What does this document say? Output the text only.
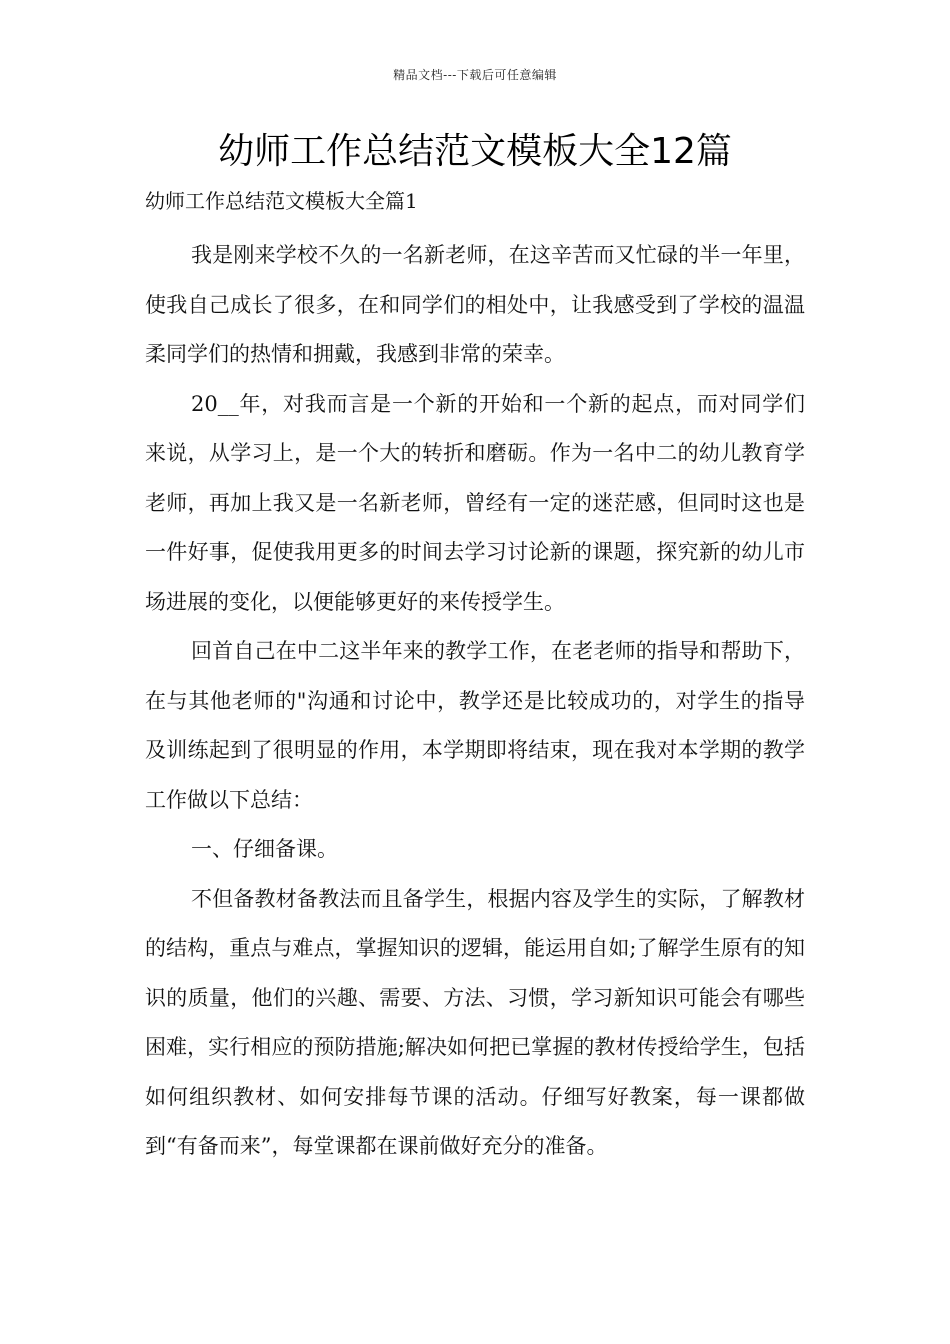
精品文档---下载后可任意编辑
幼师工作总结范文模板大全12篇

幼师工作总结范文模板大全篇1

我是刚来学校不久的一名新老师，在这辛苦而又忙碌的半一年里，使我自己成长了很多，在和同学们的相处中，让我感受到了学校的温温柔同学们的热情和拥戴，我感到非常的荣幸。

20__年，对我而言是一个新的开始和一个新的起点，而对同学们来说，从学习上，是一个大的转折和磨砺。作为一名中二的幼儿教育学老师，再加上我又是一名新老师，曾经有一定的迷茫感，但同时这也是一件好事，促使我用更多的时间去学习讨论新的课题，探究新的幼儿市场进展的变化，以便能够更好的来传授学生。

回首自己在中二这半年来的教学工作，在老老师的指导和帮助下，在与其他老师的"沟通和讨论中，教学还是比较成功的，对学生的指导及训练起到了很明显的作用，本学期即将结束，现在我对本学期的教学工作做以下总结：

一、仔细备课。

不但备教材备教法而且备学生，根据内容及学生的实际，了解教材的结构，重点与难点，掌握知识的逻辑，能运用自如;了解学生原有的知识的质量，他们的兴趣、需要、方法、习惯，学习新知识可能会有哪些困难，实行相应的预防措施;解决如何把已掌握的教材传授给学生，包括如何组织教材、如何安排每节课的活动。仔细写好教案，每一课都做到“有备而来”，每堂课都在课前做好充分的准备。
